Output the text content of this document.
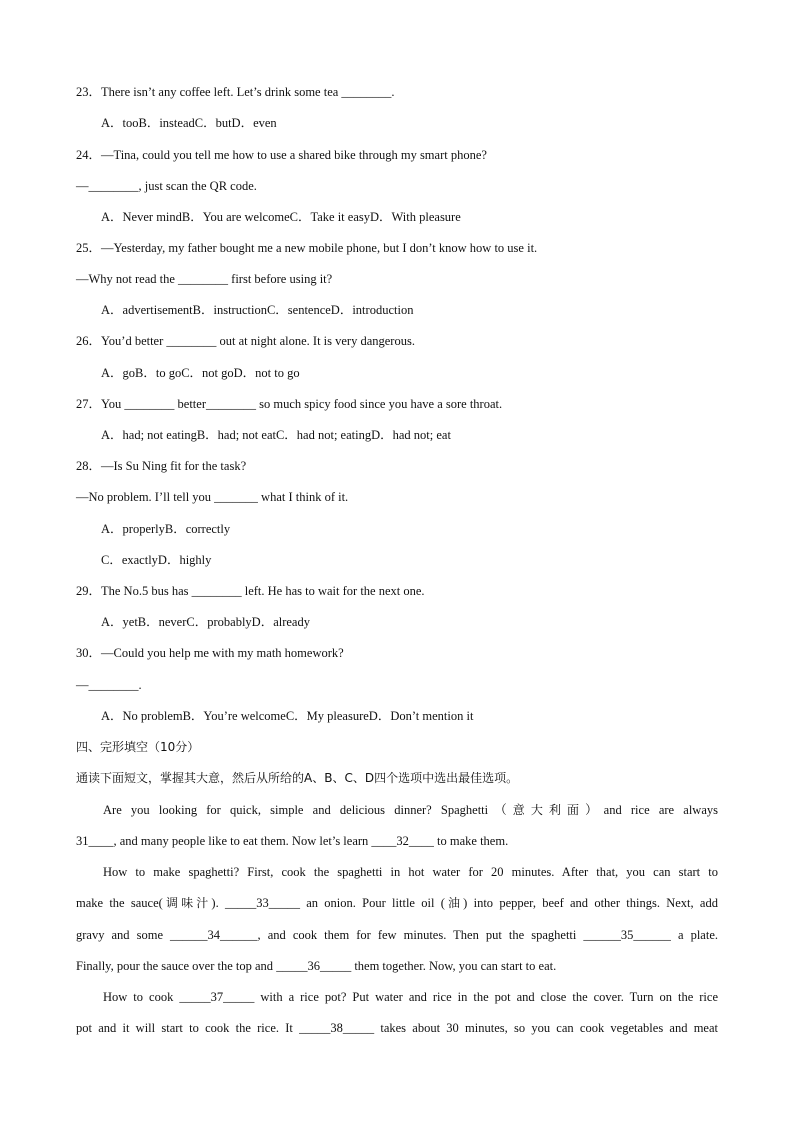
23．There isn’t any coffee left. Let’s drink some tea ________.
A．tooB．insteadC．butD．even
24．—Tina, could you tell me how to use a shared bike through my smart phone?
—________, just scan the QR code.
A．Never mindB．You are welcomeC．Take it easyD．With pleasure
25．—Yesterday, my father bought me a new mobile phone, but I don’t know how to use it.
—Why not read the ________ first before using it?
A．advertisementB．instructionC．sentenceD．introduction
26．You’d better ________ out at night alone. It is very dangerous.
A．goB．to goC．not goD．not to go
27．You ________ better________ so much spicy food since you have a sore throat.
A．had; not eatingB．had; not eatC．had not; eatingD．had not; eat
28．—Is Su Ning fit for the task?
—No problem. I’ll tell you _______ what I think of it.
A．properlyB．correctly
C．exactlyD．highly
29．The No.5 bus has ________ left. He has to wait for the next one.
A．yetB．neverC．probablyD．already
30．—Could you help me with my math homework?
—________.
A．No problemB．You’re welcomeC．My pleasureD．Don’t mention it
四、完形填空（10分）
通读下面短文，掌握其大意，然后从所给的A、B、C、D四个选项中选出最佳选项。
Are you looking for quick, simple and delicious dinner? Spaghetti（意大利面）and rice are always
31____, and many people like to eat them. Now let’s learn ____32____ to make them.
How to make spaghetti? First, cook the spaghetti in hot water for 20 minutes. After that, you can start to
make the sauce(调味汁). _____33_____ an onion. Pour little oil (油) into pepper, beef and other things. Next, add
gravy and some ______34______, and cook them for few minutes. Then put the spaghetti ______35______ a plate.
Finally, pour the sauce over the top and _____36_____ them together. Now, you can start to eat.
How to cook _____37_____ with a rice pot? Put water and rice in the pot and close the cover. Turn on the rice
pot and it will start to cook the rice. It _____38_____ takes about 30 minutes, so you can cook vegetables and meat
